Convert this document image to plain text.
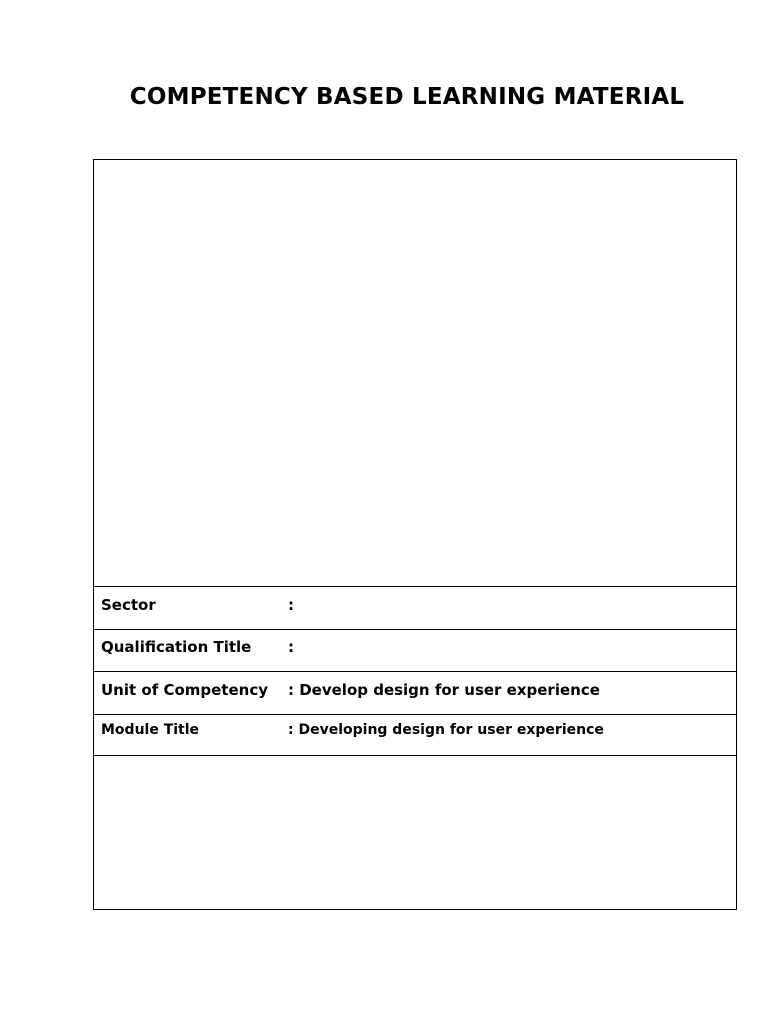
COMPETENCY BASED LEARNING MATERIAL
Sector	:
Qualification Title :
Unit of Competency : Develop design for user experience
Module Title	: Developing design for user experience
